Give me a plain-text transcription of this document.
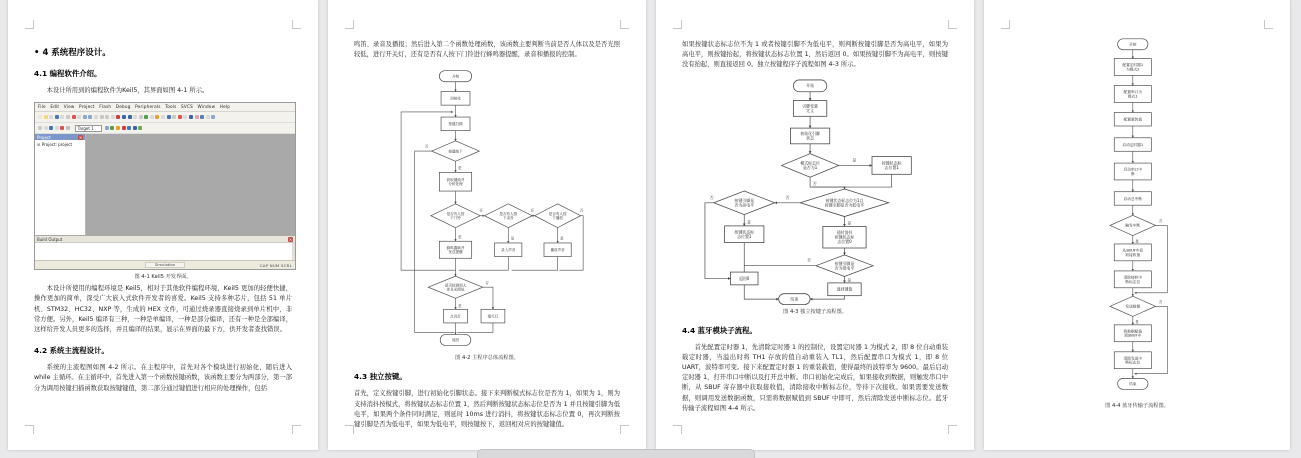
• 4 系统程序设计。
4.1 编程软件介绍。

本设计所用到的编程软件为Keil5，其界面如图 4-1 所示。

File Edit View Project Flash Debug Peripherals Tools SVCS Window Help
Target 1
Project	×
⊞ Project: project
Build Output	×
Simulation	CAP NUM SCRL
图 4-1 Keil5 开发界面。

本设计所使用的编程环境是 Keil5，相对于其他软件编程环境，Keil5 更加的轻便快捷，操作更加的简单，深受广大嵌入式软件开发者的喜爱。Keil5 支持多种芯片，包括 51 单片机、STM32、HC32、NXP 等，生成的 HEX 文件，可通过烧录器直接烧录到单片机中，非常方便。另外，Keil5 编译有三种，一种是单编译，一种是部分编译，还有一种是全部编译，这样给开发人员更多的选择，并且编译的结果，显示在界面的最下方，供开发者查找错误。

4.2 系统主流程设计。

系统的主流程图如图 4-2 所示。在主程序中，首先对各个模块进行初始化，随后进入 while 主循环。在主循环中，首先进入第一个函数按键函数，该函数主要分为两部分，第一部分为调用按键扫描函数获取按键键值，第二部分通过键值进行相应的处理操作，包括

鸣笛、录音及播报；然后进入第二个函数处理函数，该函数主要判断当前是否人体以及是否光照较低，进行开关灯，还有是否有人按下门铃进行蜂鸣器提醒，录音和播报的控制。

是
否
是
否
是
否
是
否
是
否
开始
初始化
按键扫描
按键按下
获取键值并分析处理
是否有人按下门铃
是否有人按下录音
是否有人按下播放
蜂鸣器响并发送提醒
录入声音	播放声音
是否检测到人体且光照低
点亮灯	熄灭灯
返回
图 4-2 主程序总体流程图。
4.3 独立按键。

首先，定义按键引脚，进行初始化引脚状态。接下来判断模式标志位是否为 1，如果为 1，则为支持消抖按模式，将按键状态标志位置 1，然后判断按键状态标志位是否为 1 并且按键引脚为低电平，如果两个条件同时满足，则延时 10ms 进行消抖，将按键状态标志位置 0，再次判断按键引脚是否为低电平，如果为低电平，则按键按下，返回相对应的按键键值。

如果按键状态标志位不为 1 或者按键引脚不为低电平，则判断按键引脚是否为高电平，如果为高电平，则按键抬起，将按键状态标志位置 1，然后返回 0。如果按键引脚不为高电平，则按键没有抬起，则直接返回 0。独立按键程序子流程如图 4-3 所示。

是
否
否
是
是
否
否
是
开始
引脚变量定义
初始化引脚状态
模式标志位是否为1
按键状态标志位置1
按键状态标志位为1且按键引脚是否为低电平
按键引脚是否为高电平
按键状态标志位置1
延时消抖按键状态标志位置0
按键引脚是否为低电平
返回0
返回键值
结束
图 4-3 独立按键子流程图。
4.4 蓝牙模块子流程。

首先配置定时器 1，先清除定时器 1 的控制位，设置定时器 1 为模式 2，即 8 位自动重装载定时器，当溢出时将 TH1 存放的值自动重装入 TL1，然后配置串口为模式 1，即 8 位 UART，波特率可变。接下来配置定时器 1 的重装载值，使得最终的波特率为 9600。最后启动定时器 1，打开串口中断以及打开总中断。串口初始化完成后，如果接收到数据，则触发串口中断，从 SBUF 寄存器中获取接收值，清除接收中断标志位，等待下次接收。如果需要发送数据，则调用发送数据函数，只需将数据赋值到 SBUF 中即可，然后清除发送中断标志位。蓝牙传输子流程如图 4-4 所示。

是
否
是
否
开始
配置定时器1 为模式2
配置串口为模式1
配置重装值
启动定时器1
启动串口中断
启动总中断
触发中断
从SBUF中获取接收值
清除接收中断标志位
发送数据
将数据赋值到SBUF中
清除发送中断标志位
结束
图 4-4 蓝牙传输子流程图。
